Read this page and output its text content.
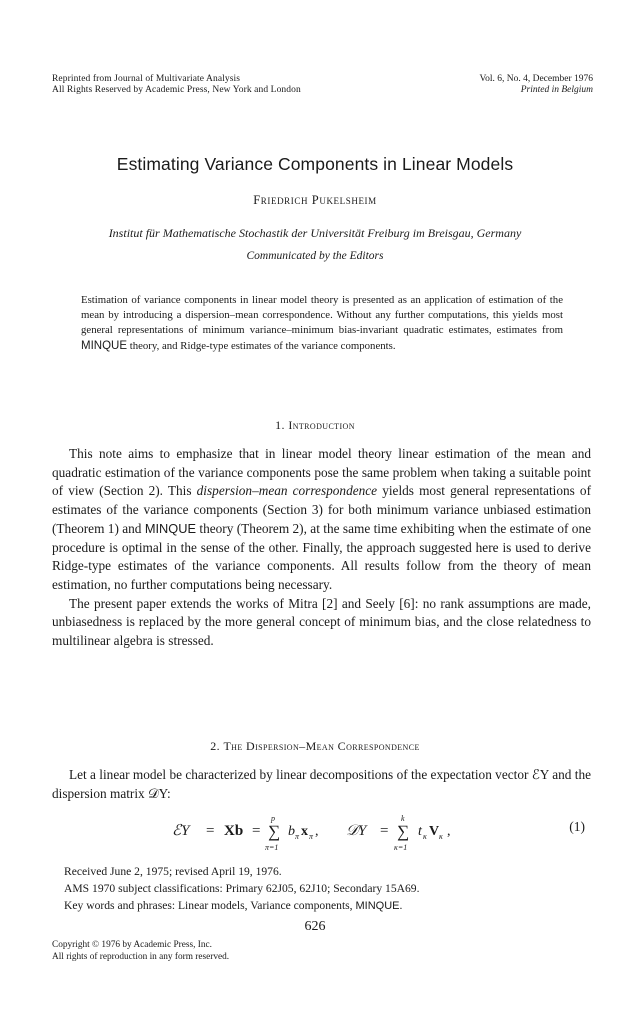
Reprinted from Journal of Multivariate Analysis
All Rights Reserved by Academic Press, New York and London
Vol. 6, No. 4, December 1976
Printed in Belgium
Estimating Variance Components in Linear Models
Friedrich Pukelsheim
Institut für Mathematische Stochastik der Universität Freiburg im Breisgau, Germany
Communicated by the Editors
Estimation of variance components in linear model theory is presented as an application of estimation of the mean by introducing a dispersion–mean correspondence. Without any further computations, this yields most general representations of minimum variance–minimum bias-invariant quadratic estimates, estimates from MINQUE theory, and Ridge-type estimates of the variance components.
1. Introduction

This note aims to emphasize that in linear model theory linear estimation of the mean and quadratic estimation of the variance components pose the same problem when taking a suitable point of view (Section 2). This dispersion–mean correspondence yields most general representations of estimates of the variance components (Section 3) for both minimum variance unbiased estimation (Theorem 1) and MINQUE theory (Theorem 2), at the same time exhibiting when the estimate of one procedure is optimal in the sense of the other. Finally, the approach suggested here is used to derive Ridge-type estimates of the variance components. All results follow from the theory of mean estimation, no further computations being necessary.

The present paper extends the works of Mitra [2] and Seely [6]: no rank assumptions are made, unbiasedness is replaced by the more general concept of minimum bias, and the close relatedness to multilinear algebra is stressed.

2. The Dispersion–Mean Correspondence

Let a linear model be characterized by linear decompositions of the expectation vector ℰY and the dispersion matrix 𝒟Y:

ℰY = Xb =
p
∑
π=1
b π x π , 𝒟Y =
k
∑
κ=1
t κ V κ ,	(1)
Received June 2, 1975; revised April 19, 1976.
AMS 1970 subject classifications: Primary 62J05, 62J10; Secondary 15A69.
Key words and phrases: Linear models, Variance components, MINQUE.
626
Copyright © 1976 by Academic Press, Inc.
All rights of reproduction in any form reserved.
